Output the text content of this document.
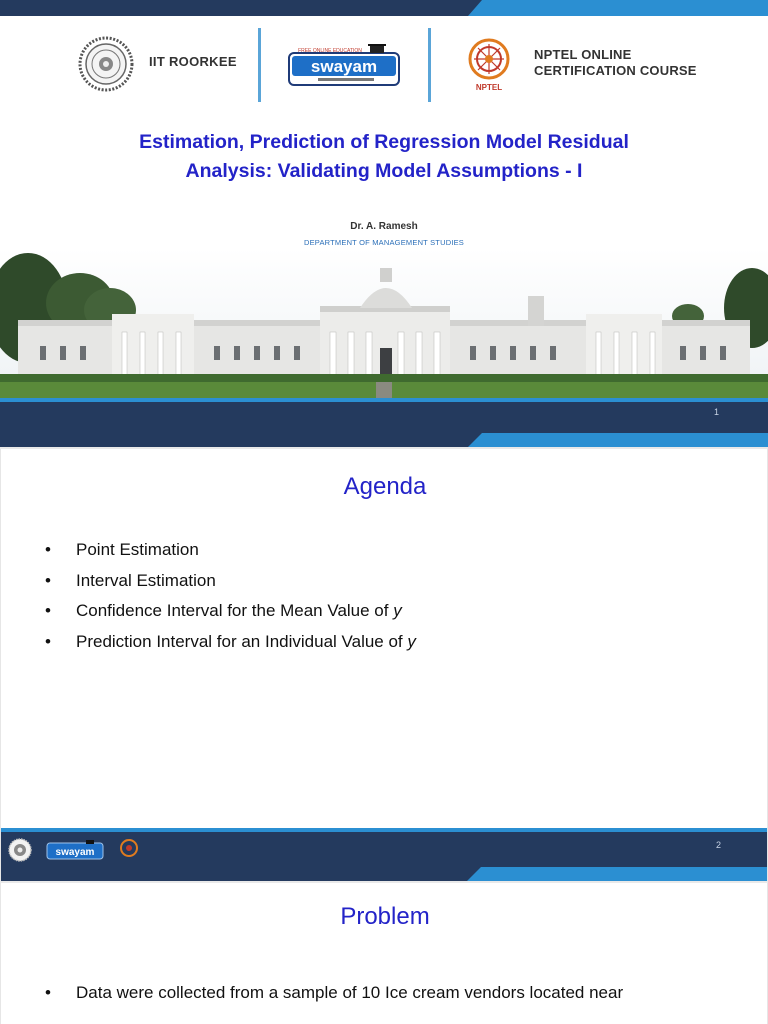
IIT ROORKEE	swayam
FREE ONLINE EDUCATION
NPTEL
NPTEL ONLINE
CERTIFICATION COURSE
Estimation, Prediction of Regression Model Residual
Analysis: Validating Model Assumptions - I
Dr. A. Ramesh
DEPARTMENT OF MANAGEMENT STUDIES
1
Agenda
• Point Estimation
• Interval Estimation
• Confidence Interval for the Mean Value of y
• Prediction Interval for an Individual Value of y
swayam
2
Problem
• Data were collected from a sample of 10 Ice cream vendors located near
